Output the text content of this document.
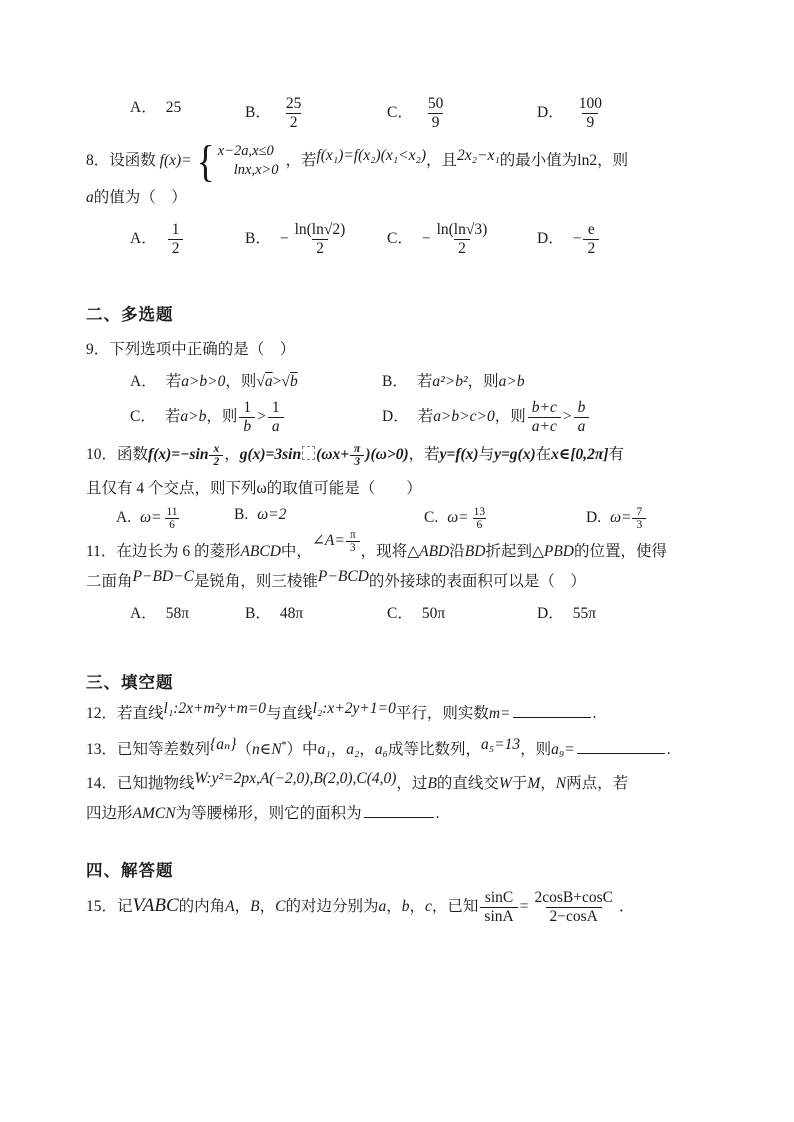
A． 25	B． $\frac{25}{2}$	C． $\frac{50}{9}$	D． $\frac{100}{9}$
8．设函数 f(x)= { x−2a,x≤0
lnx,x>0
，若f(x₁)=f(x₂)(x₁<x₂)，且2x₂−x₁的最小值为ln2，则
a的值为（　）
A． $\frac{1}{2}$	B． − $\frac{\ln(\ln√2)}{2}$ C． − $\frac{\ln(\ln√3)}{2}$	D． − $\frac{e}{2}$
二、多选题
9．下列选项中正确的是（　）
A． 若a>b>0，则√a>√b	B． 若a²>b²，则a>b
C． 若a>b，则 $\frac{1}{b} > \frac{1}{a}$	D． 若a>b>c>0，则 $\frac{b+c}{a+c} > \frac{b}{a}$
10．函数$f(x)=-\sin \frac{x}{2}$ ，g(x)=3sin $(\omega x+ \frac{\pi}{3} )(\omega>0)$，若y=f(x)与y=g(x)在x∈[0,2π]有
且仅有 4 个交点，则下列ω的取值可能是（　　）
A. $\omega= \frac{11}{6}$	B. ω=2	C. $\omega= \frac{13}{6}$	D. $\omega= \frac{7}{3}$
11．在边长为 6 的菱形ABCD中，∠A= $\frac{\pi}{3}$ ，现将△ABD沿BD折起到△PBD的位置，使得
二面角P−BD−C是锐角，则三棱锥P−BCD的外接球的表面积可以是（　）
A． 58π	B． 48π	C． 50π	D． 55π
三、填空题
12．若直线l₁:2x+m²y+m=0与直线l₂:x+2y+1=0平行，则实数m=	.
13．已知等差数列{aₙ}（n∈N*）中a₁，a₂，a₆成等比数列，a₅=13，则a₉=	.
14．已知抛物线W:y²=2px,A(−2,0),B(2,0),C(4,0)，过B的直线交W于M，N两点，若
四边形AMCN为等腰梯形，则它的面积为	.
四、解答题
15．记VABC的内角A，B，C的对边分别为a，b，c，已知 $\frac{\sin C}{\sin A} = \frac{2\cos B+\cos C}{2-\cos A}$ ．
